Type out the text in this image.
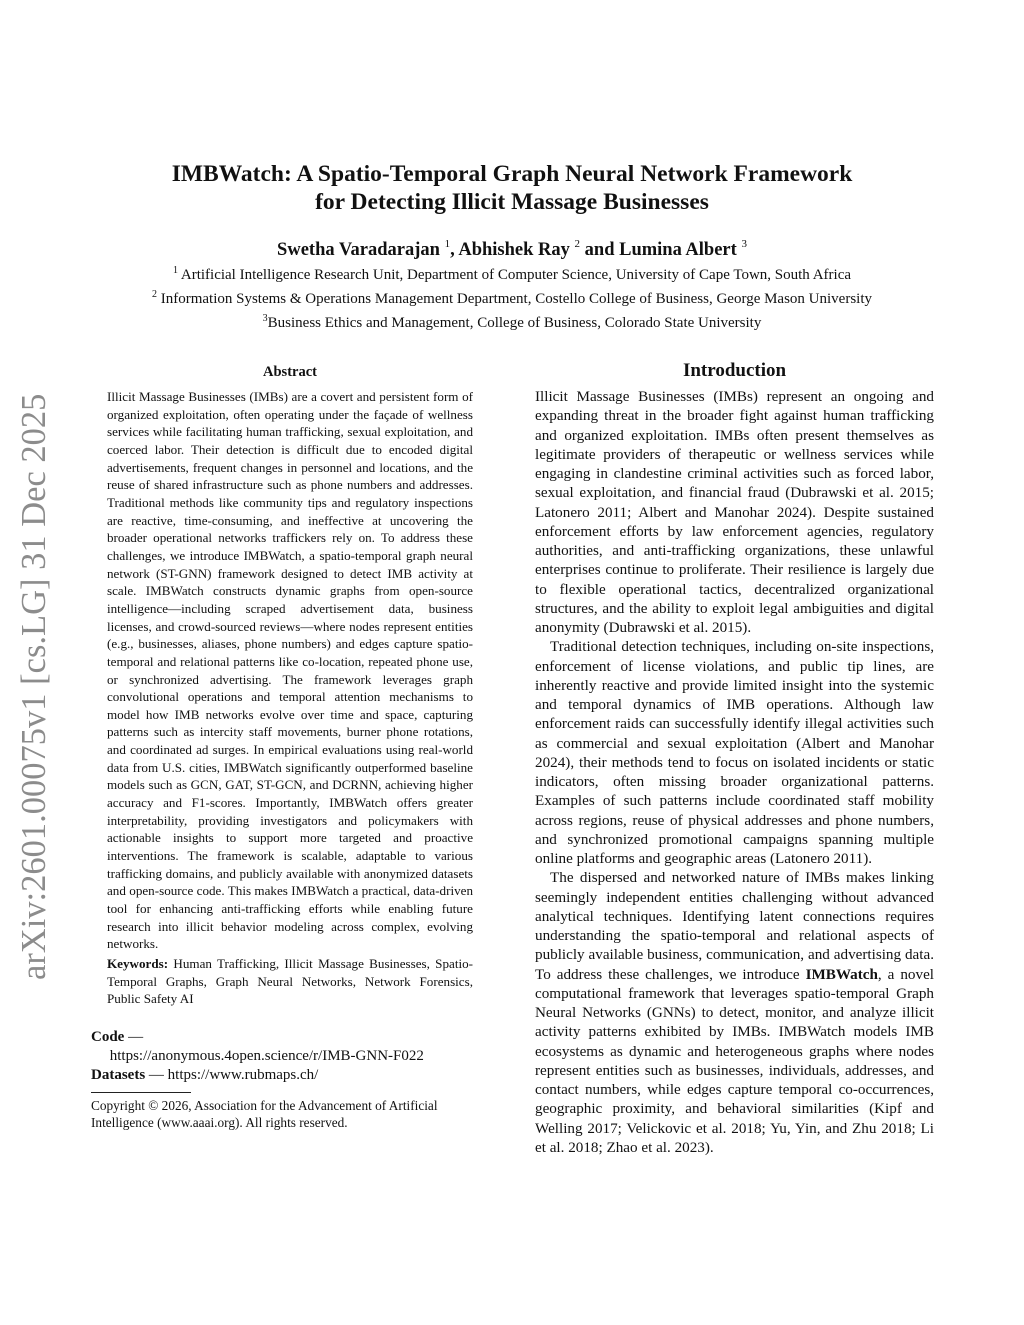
arXiv:2601.00075v1 [cs.LG] 31 Dec 2025
IMBWatch: A Spatio-Temporal Graph Neural Network Framework
for Detecting Illicit Massage Businesses
Swetha Varadarajan $^1$, Abhishek Ray $^2$ and Lumina Albert $^3$
$^1$ Artificial Intelligence Research Unit, Department of Computer Science, University of Cape Town, South Africa
$^2$ Information Systems & Operations Management Department, Costello College of Business, George Mason University
$^3$Business Ethics and Management, College of Business, Colorado State University
Abstract

Illicit Massage Businesses (IMBs) are a covert and persistent form of organized exploitation, often operating under the façade of wellness services while facilitating human trafficking, sexual exploitation, and coerced labor. Their detection is difficult due to encoded digital advertisements, frequent changes in personnel and locations, and the reuse of shared infrastructure such as phone numbers and addresses. Traditional methods like community tips and regulatory inspections are reactive, time-consuming, and ineffective at uncovering the broader operational networks traffickers rely on. To address these challenges, we introduce IMBWatch, a spatio-temporal graph neural network (ST-GNN) framework designed to detect IMB activity at scale. IMBWatch constructs dynamic graphs from open-source intelligence—including scraped advertisement data, business licenses, and crowd-sourced reviews—where nodes represent entities (e.g., businesses, aliases, phone numbers) and edges capture spatio-temporal and relational patterns like co-location, repeated phone use, or synchronized advertising. The framework leverages graph convolutional operations and temporal attention mechanisms to model how IMB networks evolve over time and space, capturing patterns such as intercity staff movements, burner phone rotations, and coordinated ad surges. In empirical evaluations using real-world data from U.S. cities, IMBWatch significantly outperformed baseline models such as GCN, GAT, ST-GCN, and DCRNN, achieving higher accuracy and F1-scores. Importantly, IMBWatch offers greater interpretability, providing investigators and policymakers with actionable insights to support more targeted and proactive interventions. The framework is scalable, adaptable to various trafficking domains, and publicly available with anonymized datasets and open-source code. This makes IMBWatch a practical, data-driven tool for enhancing anti-trafficking efforts while enabling future research into illicit behavior modeling across complex, evolving networks.

Keywords: Human Trafficking, Illicit Massage Businesses, Spatio-Temporal Graphs, Graph Neural Networks, Network Forensics, Public Safety AI

Code —

https://anonymous.4open.science/r/IMB-GNN-F022

Datasets — https://www.rubmaps.ch/

Copyright © 2026, Association for the Advancement of Artificial Intelligence (www.aaai.org). All rights reserved.

Introduction

Illicit Massage Businesses (IMBs) represent an ongoing and expanding threat in the broader fight against human trafficking and organized exploitation. IMBs often present themselves as legitimate providers of therapeutic or wellness services while engaging in clandestine criminal activities such as forced labor, sexual exploitation, and financial fraud (Dubrawski et al. 2015; Latonero 2011; Albert and Manohar 2024). Despite sustained enforcement efforts by law enforcement agencies, regulatory authorities, and anti-trafficking organizations, these unlawful enterprises continue to proliferate. Their resilience is largely due to flexible operational tactics, decentralized organizational structures, and the ability to exploit legal ambiguities and digital anonymity (Dubrawski et al. 2015).

Traditional detection techniques, including on-site inspections, enforcement of license violations, and public tip lines, are inherently reactive and provide limited insight into the systemic and temporal dynamics of IMB operations. Although law enforcement raids can successfully identify illegal activities such as commercial and sexual exploitation (Albert and Manohar 2024), their methods tend to focus on isolated incidents or static indicators, often missing broader organizational patterns. Examples of such patterns include coordinated staff mobility across regions, reuse of physical addresses and phone numbers, and synchronized promotional campaigns spanning multiple online platforms and geographic areas (Latonero 2011).

The dispersed and networked nature of IMBs makes linking seemingly independent entities challenging without advanced analytical techniques. Identifying latent connections requires understanding the spatio-temporal and relational aspects of publicly available business, communication, and advertising data. To address these challenges, we introduce IMBWatch, a novel computational framework that leverages spatio-temporal Graph Neural Networks (GNNs) to detect, monitor, and analyze illicit activity patterns exhibited by IMBs. IMBWatch models IMB ecosystems as dynamic and heterogeneous graphs where nodes represent entities such as businesses, individuals, addresses, and contact numbers, while edges capture temporal co-occurrences, geographic proximity, and behavioral similarities (Kipf and Welling 2017; Velickovic et al. 2018; Yu, Yin, and Zhu 2018; Li et al. 2018; Zhao et al. 2023).
